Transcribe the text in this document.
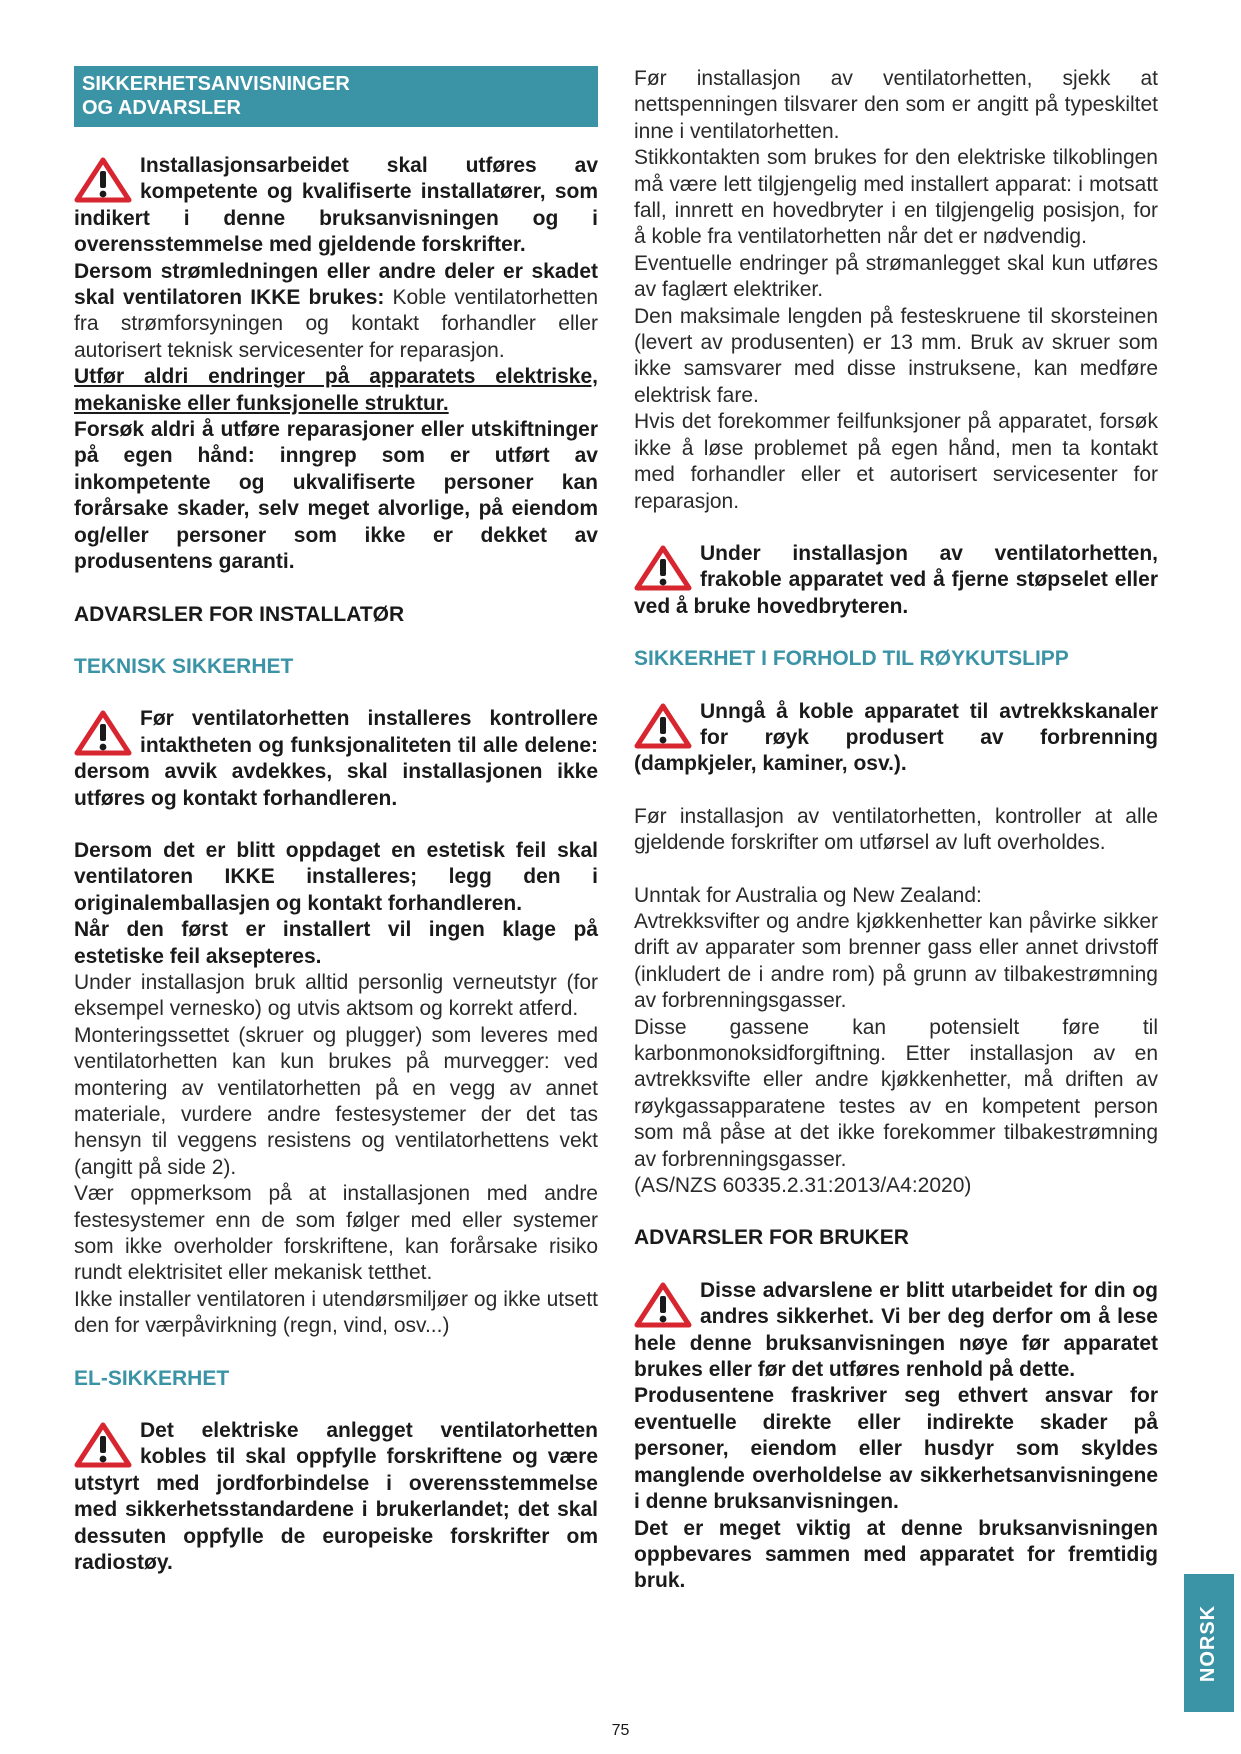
SIKKERHETSANVISNINGER
OG ADVARSLER

Installasjonsarbeidet skal utføres av kompetente og kvalifiserte installatører, som indikert i denne bruksanvisningen og i overensstemmelse med gjeldende forskrifter.

Dersom strømledningen eller andre deler er skadet skal ventilatoren IKKE brukes: Koble ventilatorhetten fra strømforsyningen og kontakt forhandler eller autorisert teknisk servicesenter for reparasjon.

Utfør aldri endringer på apparatets elektriske, mekaniske eller funksjonelle struktur.

Forsøk aldri å utføre reparasjoner eller utskiftninger på egen hånd: inngrep som er utført av inkompetente og ukvalifiserte personer kan forårsake skader, selv meget alvorlige, på eiendom og/eller personer som ikke er dekket av produsentens garanti.

ADVARSLER FOR INSTALLATØR
TEKNISK SIKKERHET

Før ventilatorhetten installeres kontrollere intaktheten og funksjonaliteten til alle delene: dersom avvik avdekkes, skal installasjonen ikke utføres og kontakt forhandleren.

Dersom det er blitt oppdaget en estetisk feil skal ventilatoren IKKE installeres; legg den i originalemballasjen og kontakt forhandleren.

Når den først er installert vil ingen klage på estetiske feil aksepteres.

Under installasjon bruk alltid personlig verneutstyr (for eksempel vernesko) og utvis aktsom og korrekt atferd.

Monteringssettet (skruer og plugger) som leveres med ventilatorhetten kan kun brukes på murvegger: ved montering av ventilatorhetten på en vegg av annet materiale, vurdere andre festesystemer der det tas hensyn til veggens resistens og ventilatorhettens vekt (angitt på side 2).

Vær oppmerksom på at installasjonen med andre festesystemer enn de som følger med eller systemer som ikke overholder forskriftene, kan forårsake risiko rundt elektrisitet eller mekanisk tetthet.

Ikke installer ventilatoren i utendørsmiljøer og ikke utsett den for værpåvirkning (regn, vind, osv...)

EL-SIKKERHET

Det elektriske anlegget ventilatorhetten kobles til skal oppfylle forskriftene og være utstyrt med jordforbindelse i overensstemmelse med sikkerhetsstandardene i brukerlandet; det skal dessuten oppfylle de europeiske forskrifter om radiostøy.

Før installasjon av ventilatorhetten, sjekk at nettspenningen tilsvarer den som er angitt på typeskiltet inne i ventilatorhetten.

Stikkontakten som brukes for den elektriske tilkoblingen må være lett tilgjengelig med installert apparat: i motsatt fall, innrett en hovedbryter i en tilgjengelig posisjon, for å koble fra ventilatorhetten når det er nødvendig.

Eventuelle endringer på strømanlegget skal kun utføres av faglært elektriker.

Den maksimale lengden på festeskruene til skorsteinen (levert av produsenten) er 13 mm. Bruk av skruer som ikke samsvarer med disse instruksene, kan medføre elektrisk fare.

Hvis det forekommer feilfunksjoner på apparatet, forsøk ikke å løse problemet på egen hånd, men ta kontakt med forhandler eller et autorisert servicesenter for reparasjon.

Under installasjon av ventilatorhetten, frakoble apparatet ved å fjerne støpselet eller ved å bruke hovedbryteren.

SIKKERHET I FORHOLD TIL RØYKUTSLIPP

Unngå å koble apparatet til avtrekkskanaler for røyk produsert av forbrenning (dampkjeler, kaminer, osv.).

Før installasjon av ventilatorhetten, kontroller at alle gjeldende forskrifter om utførsel av luft overholdes.

Unntak for Australia og New Zealand:

Avtrekksvifter og andre kjøkkenhetter kan påvirke sikker drift av apparater som brenner gass eller annet drivstoff (inkludert de i andre rom) på grunn av tilbakestrømning av forbrenningsgasser.

Disse gassene kan potensielt føre til karbonmonoksidforgiftning. Etter installasjon av en avtrekksvifte eller andre kjøkkenhetter, må driften av røykgassapparatene testes av en kompetent person som må påse at det ikke forekommer tilbakestrømning av forbrenningsgasser.

(AS/NZS 60335.2.31:2013/A4:2020)

ADVARSLER FOR BRUKER

Disse advarslene er blitt utarbeidet for din og andres sikkerhet. Vi ber deg derfor om å lese hele denne bruksanvisningen nøye før apparatet brukes eller før det utføres renhold på dette.

Produsentene fraskriver seg ethvert ansvar for eventuelle direkte eller indirekte skader på personer, eiendom eller husdyr som skyldes manglende overholdelse av sikkerhetsanvisningene i denne bruksanvisningen.

Det er meget viktig at denne bruksanvisningen oppbevares sammen med apparatet for fremtidig bruk.

NORSK
75
